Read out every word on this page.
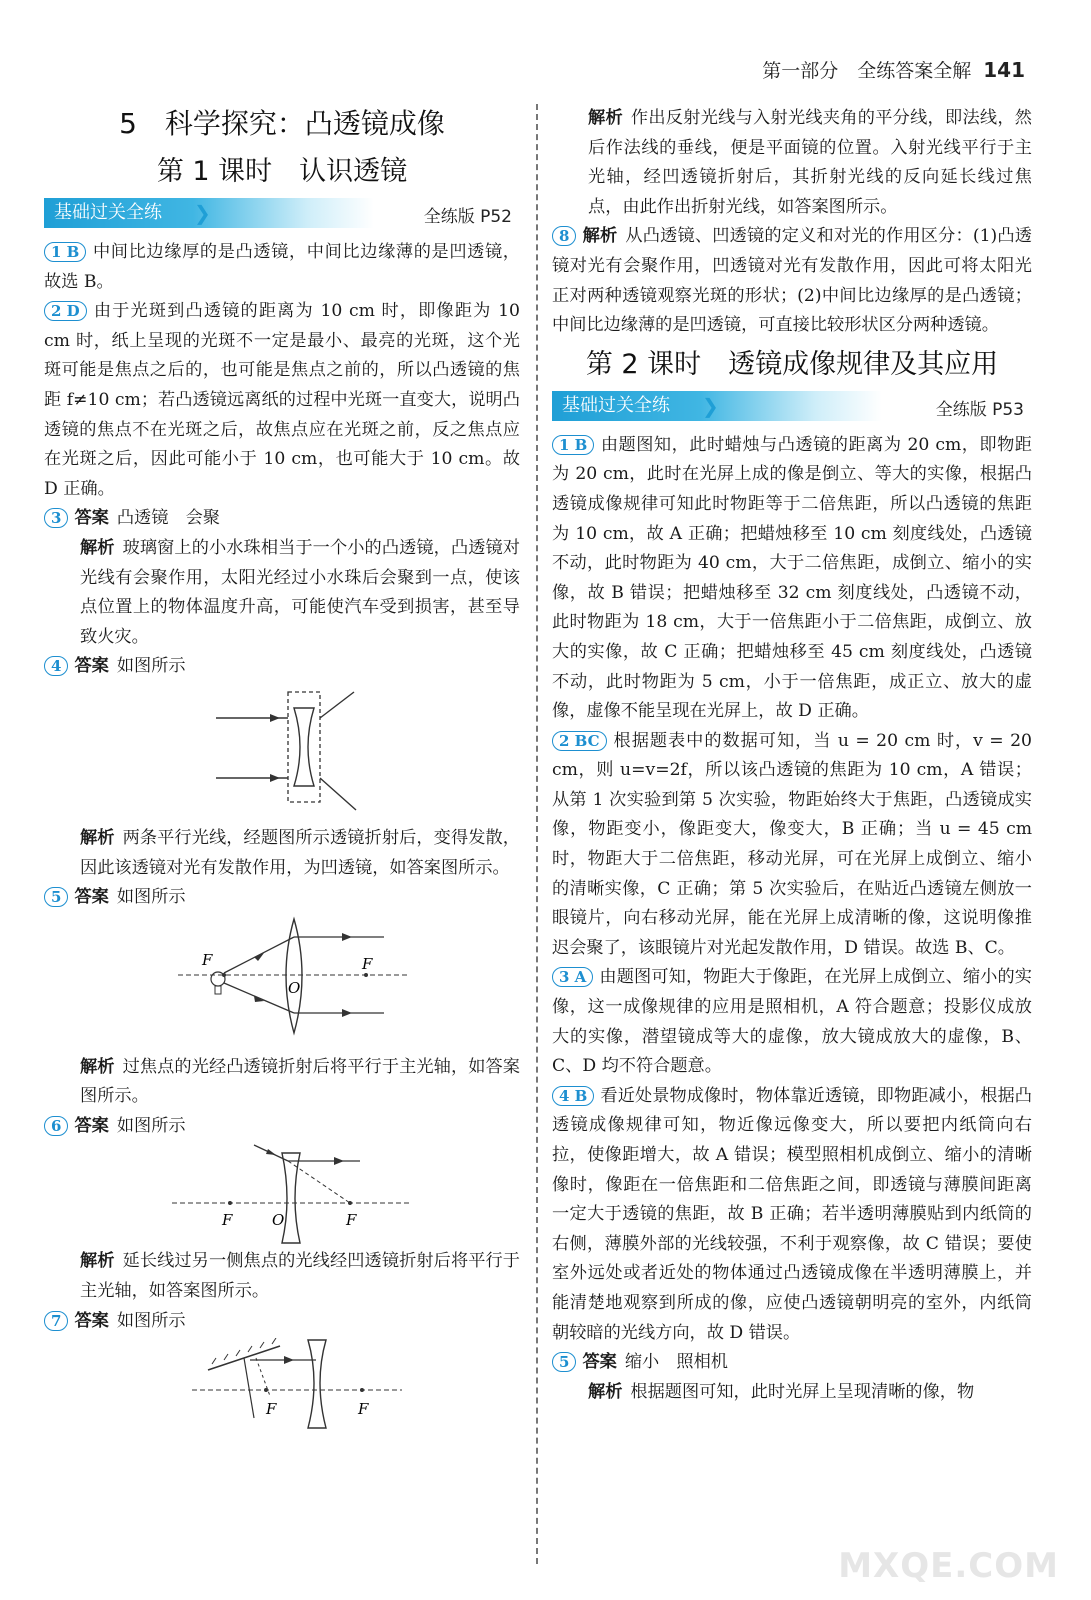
第一部分　全练答案全解 141
5　科学探究：凸透镜成像
第 1 课时　认识透镜
基础过关全练	❯	全练版 P52

1 B 中间比边缘厚的是凸透镜，中间比边缘薄的是凹透镜，故选 B。

2 D 由于光斑到凸透镜的距离为 10 cm 时，即像距为 10 cm 时，纸上呈现的光斑不一定是最小、最亮的光斑，这个光斑可能是焦点之后的，也可能是焦点之前的，所以凸透镜的焦距 f≠10 cm；若凸透镜远离纸的过程中光斑一直变大，说明凸透镜的焦点不在光斑之后，故焦点应在光斑之前，反之焦点应在光斑之后，因此可能小于 10 cm，也可能大于 10 cm。故 D 正确。

3 答案 凸透镜　会聚

解析 玻璃窗上的小水珠相当于一个小的凸透镜，凸透镜对光线有会聚作用，太阳光经过小水珠后会聚到一点，使该点位置上的物体温度升高，可能使汽车受到损害，甚至导致火灾。

4 答案 如图所示

解析 两条平行光线，经题图所示透镜折射后，变得发散，因此该透镜对光有发散作用，为凹透镜，如答案图所示。

5 答案 如图所示

F
O
F

解析 过焦点的光经凸透镜折射后将平行于主光轴，如答案图所示。

6 答案 如图所示

F	O	F

解析 延长线过另一侧焦点的光线经凹透镜折射后将平行于主光轴，如答案图所示。

7 答案 如图所示

F	F

解析 作出反射光线与入射光线夹角的平分线，即法线，然后作法线的垂线，便是平面镜的位置。入射光线平行于主光轴，经凹透镜折射后，其折射光线的反向延长线过焦点，由此作出折射光线，如答案图所示。

8 解析 从凸透镜、凹透镜的定义和对光的作用区分：(1)凸透镜对光有会聚作用，凹透镜对光有发散作用，因此可将太阳光正对两种透镜观察光斑的形状；(2)中间比边缘厚的是凸透镜；中间比边缘薄的是凹透镜，可直接比较形状区分两种透镜。

第 2 课时　透镜成像规律及其应用
基础过关全练	❯	全练版 P53

1 B 由题图知，此时蜡烛与凸透镜的距离为 20 cm，即物距为 20 cm，此时在光屏上成的像是倒立、等大的实像，根据凸透镜成像规律可知此时物距等于二倍焦距，所以凸透镜的焦距为 10 cm，故 A 正确；把蜡烛移至 10 cm 刻度线处，凸透镜不动，此时物距为 40 cm，大于二倍焦距，成倒立、缩小的实像，故 B 错误；把蜡烛移至 32 cm 刻度线处，凸透镜不动，此时物距为 18 cm，大于一倍焦距小于二倍焦距，成倒立、放大的实像，故 C 正确；把蜡烛移至 45 cm 刻度线处，凸透镜不动，此时物距为 5 cm，小于一倍焦距，成正立、放大的虚像，虚像不能呈现在光屏上，故 D 正确。

2 BC 根据题表中的数据可知，当 u = 20 cm 时，v = 20 cm，则 u=v=2f，所以该凸透镜的焦距为 10 cm，A 错误；从第 1 次实验到第 5 次实验，物距始终大于焦距，凸透镜成实像，物距变小，像距变大，像变大，B 正确；当 u = 45 cm 时，物距大于二倍焦距，移动光屏，可在光屏上成倒立、缩小的清晰实像，C 正确；第 5 次实验后，在贴近凸透镜左侧放一眼镜片，向右移动光屏，能在光屏上成清晰的像，这说明像推迟会聚了，该眼镜片对光起发散作用，D 错误。故选 B、C。

3 A 由题图可知，物距大于像距，在光屏上成倒立、缩小的实像，这一成像规律的应用是照相机，A 符合题意；投影仪成放大的实像，潜望镜成等大的虚像，放大镜成放大的虚像，B、C、D 均不符合题意。

4 B 看近处景物成像时，物体靠近透镜，即物距减小，根据凸透镜成像规律可知，物近像远像变大，所以要把内纸筒向右拉，使像距增大，故 A 错误；模型照相机成倒立、缩小的清晰像时，像距在一倍焦距和二倍焦距之间，即透镜与薄膜间距离一定大于透镜的焦距，故 B 正确；若半透明薄膜贴到内纸筒的右侧，薄膜外部的光线较强，不利于观察像，故 C 错误；要使室外远处或者近处的物体通过凸透镜成像在半透明薄膜上，并能清楚地观察到所成的像，应使凸透镜朝明亮的室外，内纸筒朝较暗的光线方向，故 D 错误。

5 答案 缩小　照相机

解析 根据题图可知，此时光屏上呈现清晰的像，物

MXQE.COM
